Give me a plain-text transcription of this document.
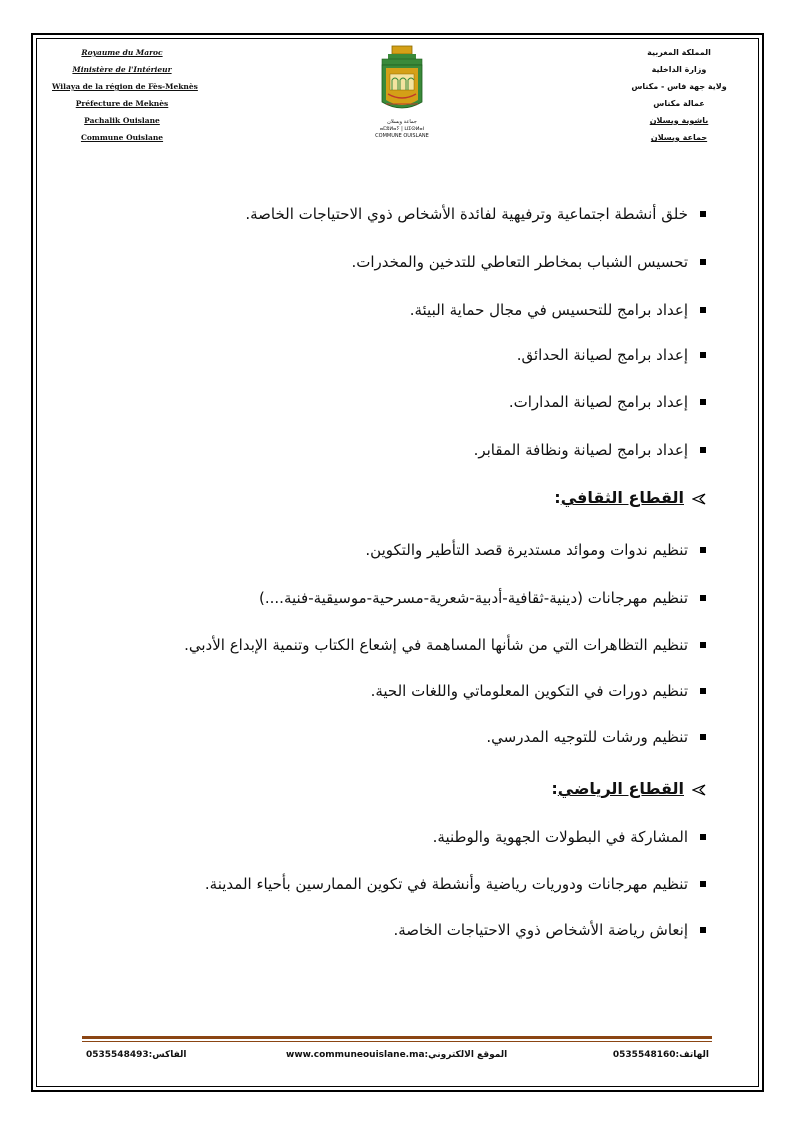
Royaume du Maroc
Ministère de l'Intérieur
Wilaya de la région de Fès-Meknès
Préfecture de Meknès
Pachalik Ouislane
Commune Ouislane
جماعة ويسلان
ⴰⵎⵓⵍⴰⵢ | ⵡⵉⵙⵍⴰⵏ
COMMUNE OUISLANE
المملكة المغربية
وزارة الداخلية
ولاية جهة فاس - مكناس
عمالة مكناس
باشوية ويسلان
جماعة ويسلان
خلق أنشطة اجتماعية وترفيهية لفائدة الأشخاص ذوي الاحتياجات الخاصة.
تحسيس الشباب بمخاطر التعاطي للتدخين والمخدرات.
إعداد برامج للتحسيس في مجال حماية البيئة.
إعداد برامج لصيانة الحدائق.
إعداد برامج لصيانة المدارات.
إعداد برامج لصيانة ونظافة المقابر.
القطاع الثقافي:
تنظيم ندوات وموائد مستديرة قصد التأطير والتكوين.
تنظيم مهرجانات (دينية-ثقافية-أدبية-شعرية-مسرحية-موسيقية-فنية....)
تنظيم التظاهرات التي من شأنها المساهمة في إشعاع الكتاب وتنمية الإبداع الأدبي.
تنظيم دورات في التكوين المعلوماتي واللغات الحية.
تنظيم ورشات للتوجيه المدرسي.
القطاع الرياضي:
المشاركة في البطولات الجهوية والوطنية.
تنظيم مهرجانات ودوريات رياضية وأنشطة في تكوين الممارسين بأحياء المدينة.
إنعاش رياضة الأشخاص ذوي الاحتياجات الخاصة.
0535548493:الفاكس	www.communeouislane.ma:الموقع الالكتروني	الهاتف:0535548160
